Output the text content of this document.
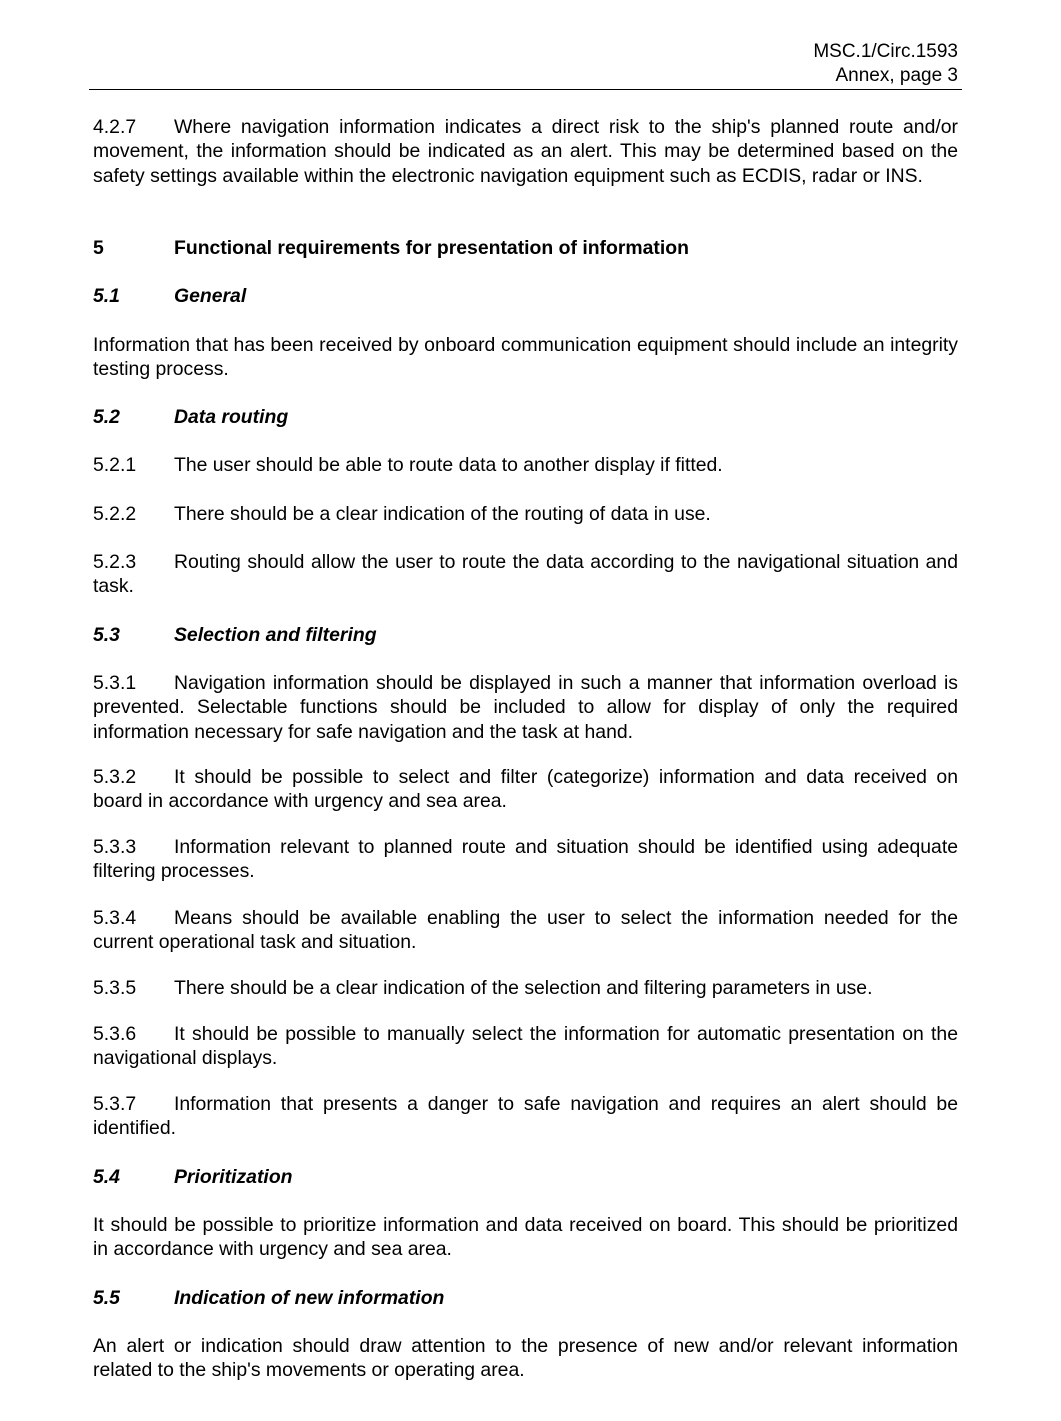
MSC.1/Circ.1593
Annex, page 3
4.2.7 Where navigation information indicates a direct risk to the ship's planned route and/or movement, the information should be indicated as an alert. This may be determined based on the safety settings available within the electronic navigation equipment such as ECDIS, radar or INS.
5	Functional requirements for presentation of information
5.1	General
Information that has been received by onboard communication equipment should include an integrity testing process.
5.2	Data routing
5.2.1 The user should be able to route data to another display if fitted.
5.2.2 There should be a clear indication of the routing of data in use.
5.2.3 Routing should allow the user to route the data according to the navigational situation and task.
5.3	Selection and filtering
5.3.1 Navigation information should be displayed in such a manner that information overload is prevented. Selectable functions should be included to allow for display of only the required information necessary for safe navigation and the task at hand.
5.3.2 It should be possible to select and filter (categorize) information and data received on board in accordance with urgency and sea area.
5.3.3 Information relevant to planned route and situation should be identified using adequate filtering processes.
5.3.4 Means should be available enabling the user to select the information needed for the current operational task and situation.
5.3.5 There should be a clear indication of the selection and filtering parameters in use.
5.3.6 It should be possible to manually select the information for automatic presentation on the navigational displays.
5.3.7 Information that presents a danger to safe navigation and requires an alert should be identified.
5.4	Prioritization
It should be possible to prioritize information and data received on board. This should be prioritized in accordance with urgency and sea area.
5.5	Indication of new information
An alert or indication should draw attention to the presence of new and/or relevant information related to the ship's movements or operating area.
